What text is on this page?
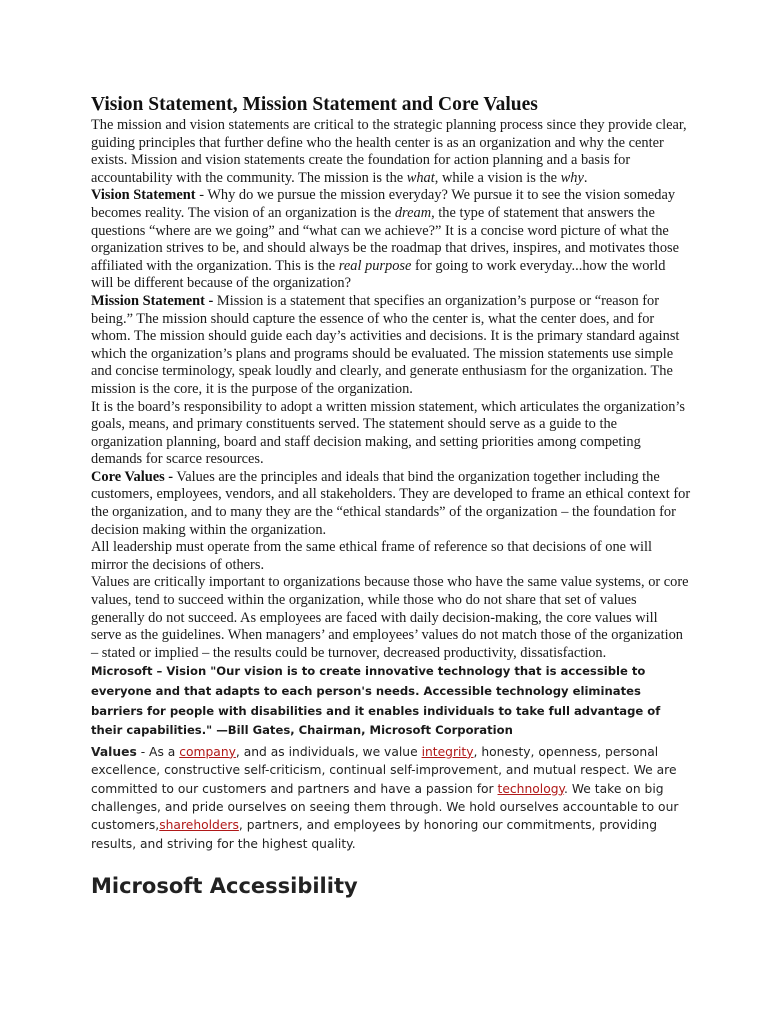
Vision Statement, Mission Statement and Core Values

The mission and vision statements are critical to the strategic planning process since they provide clear, guiding principles that further define who the health center is as an organization and why the center exists. Mission and vision statements create the foundation for action planning and a basis for accountability with the community. The mission is the what, while a vision is the why.

Vision Statement - Why do we pursue the mission everyday? We pursue it to see the vision someday becomes reality. The vision of an organization is the dream, the type of statement that answers the questions “where are we going” and “what can we achieve?” It is a concise word picture of what the organization strives to be, and should always be the roadmap that drives, inspires, and motivates those affiliated with the organization. This is the real purpose for going to work everyday...how the world will be different because of the organization?

Mission Statement - Mission is a statement that specifies an organization’s purpose or “reason for being.” The mission should capture the essence of who the center is, what the center does, and for whom. The mission should guide each day’s activities and decisions. It is the primary standard against which the organization’s plans and programs should be evaluated. The mission statements use simple and concise terminology, speak loudly and clearly, and generate enthusiasm for the organization. The mission is the core, it is the purpose of the organization.

It is the board’s responsibility to adopt a written mission statement, which articulates the organization’s goals, means, and primary constituents served. The statement should serve as a guide to the organization planning, board and staff decision making, and setting priorities among competing demands for scarce resources.

Core Values - Values are the principles and ideals that bind the organization together including the customers, employees, vendors, and all stakeholders. They are developed to frame an ethical context for the organization, and to many they are the “ethical standards” of the organization – the foundation for decision making within the organization.

All leadership must operate from the same ethical frame of reference so that decisions of one will mirror the decisions of others.

Values are critically important to organizations because those who have the same value systems, or core values, tend to succeed within the organization, while those who do not share that set of values generally do not succeed. As employees are faced with daily decision-making, the core values will serve as the guidelines. When managers’ and employees’ values do not match those of the organization – stated or implied – the results could be turnover, decreased productivity, dissatisfaction.

Microsoft – Vision "Our vision is to create innovative technology that is accessible to everyone and that adapts to each person's needs. Accessible technology eliminates barriers for people with disabilities and it enables individuals to take full advantage of their capabilities." —Bill Gates, Chairman, Microsoft Corporation

Values - As a company, and as individuals, we value integrity, honesty, openness, personal excellence, constructive self-criticism, continual self-improvement, and mutual respect. We are committed to our customers and partners and have a passion for technology. We take on big challenges, and pride ourselves on seeing them through. We hold ourselves accountable to our customers,shareholders, partners, and employees by honoring our commitments, providing results, and striving for the highest quality.

Microsoft Accessibility
